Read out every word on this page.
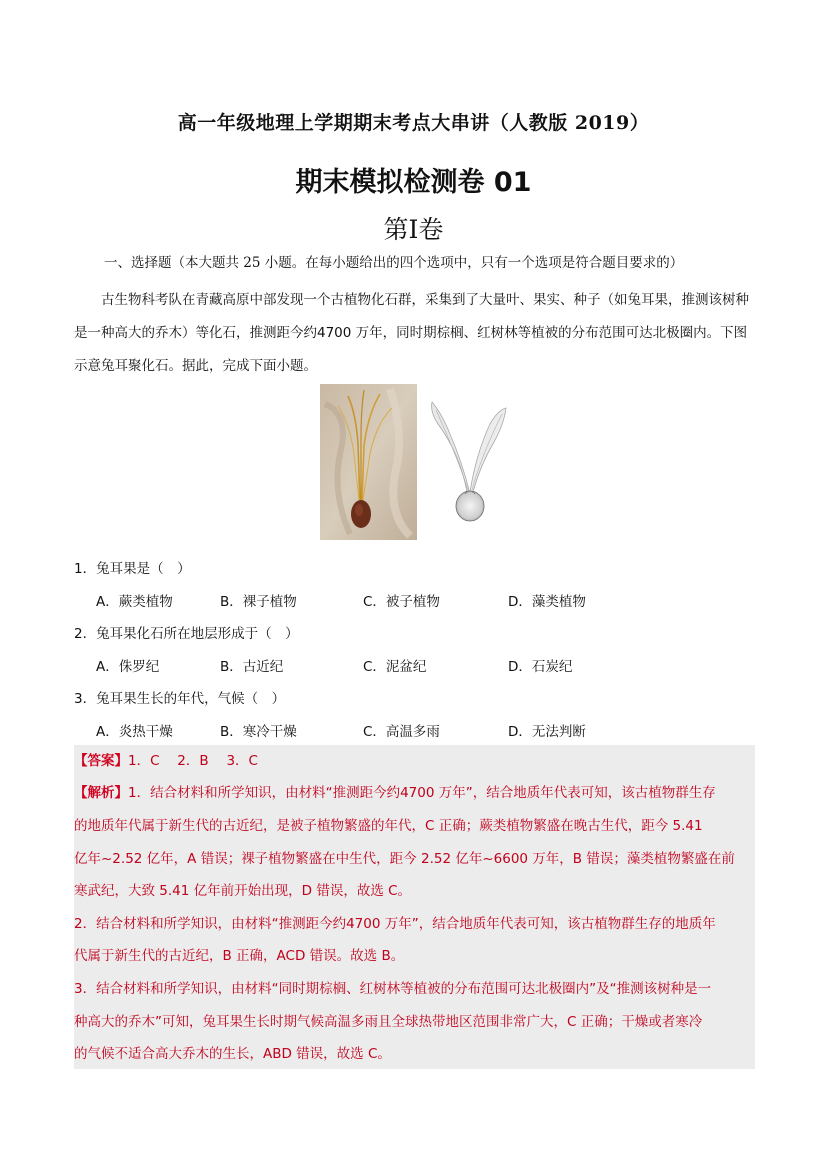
高一年级地理上学期期末考点大串讲（人教版 2019）
期末模拟检测卷 01
第I卷
一、选择题（本大题共 25 小题。在每小题给出的四个选项中，只有一个选项是符合题目要求的）
古生物科考队在青藏高原中部发现一个古植物化石群，采集到了大量叶、果实、种子（如兔耳果，推测该树种是一种高大的乔木）等化石，推测距今约4700 万年，同时期棕榈、红树林等植被的分布范围可达北极圈内。下图示意兔耳聚化石。据此，完成下面小题。
1．兔耳果是（　）
A．蕨类植物	B．裸子植物	C．被子植物	D．藻类植物
2．兔耳果化石所在地层形成于（　）
A．侏罗纪	B．古近纪	C．泥盆纪	D．石炭纪
3．兔耳果生长的年代，气候（　）
A．炎热干燥	B．寒冷干燥	C．高温多雨	D．无法判断
【答案】1．C　 2．B　 3．C
【解析】1．结合材料和所学知识，由材料“推测距今约4700 万年”，结合地质年代表可知，该古植物群生存
的地质年代属于新生代的古近纪，是被子植物繁盛的年代，C 正确；蕨类植物繁盛在晚古生代，距今 5.41
亿年~2.52 亿年，A 错误；裸子植物繁盛在中生代，距今 2.52 亿年~6600 万年，B 错误；藻类植物繁盛在前
寒武纪，大致 5.41 亿年前开始出现，D 错误，故选 C。
2．结合材料和所学知识，由材料“推测距今约4700 万年”，结合地质年代表可知，该古植物群生存的地质年
代属于新生代的古近纪，B 正确，ACD 错误。故选 B。
3．结合材料和所学知识，由材料“同时期棕榈、红树林等植被的分布范围可达北极圈内”及“推测该树种是一
种高大的乔木”可知，兔耳果生长时期气候高温多雨且全球热带地区范围非常广大，C 正确；干燥或者寒冷
的气候不适合高大乔木的生长，ABD 错误，故选 C。
